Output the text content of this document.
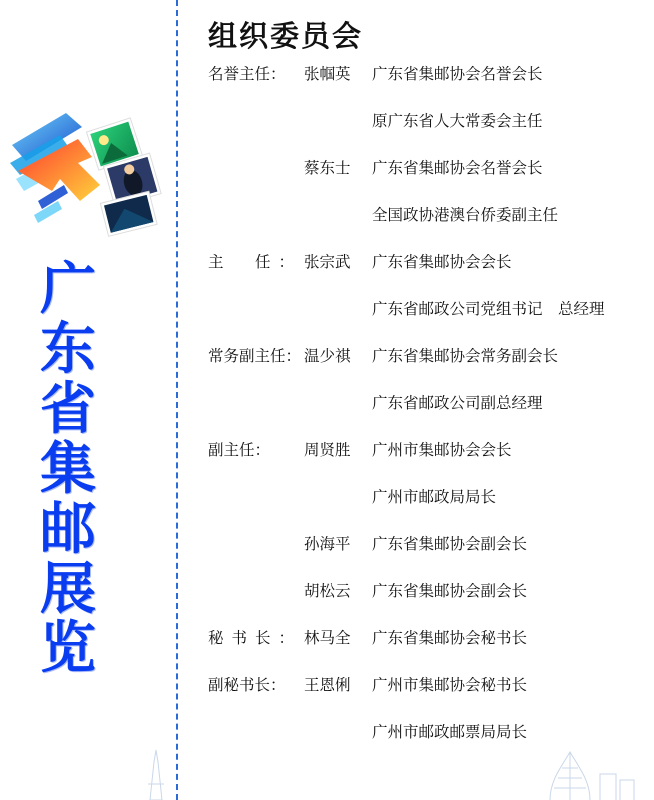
广东省集邮展览
组织委员会
名誉主任：	张帼英	广东省集邮协会名誉会长
原广东省人大常委会主任
蔡东士	广东省集邮协会名誉会长
全国政协港澳台侨委副主任
主　任： 张宗武	广东省集邮协会会长
广东省邮政公司党组书记　总经理
常务副主任： 温少祺	广东省集邮协会常务副会长
广东省邮政公司副总经理
副主任：	周贤胜	广州市集邮协会会长
广州市邮政局局长
孙海平	广东省集邮协会副会长
胡松云	广东省集邮协会副会长
秘书长： 林马全	广东省集邮协会秘书长
副秘书长：	王恩俐	广州市集邮协会秘书长
广州市邮政邮票局局长
